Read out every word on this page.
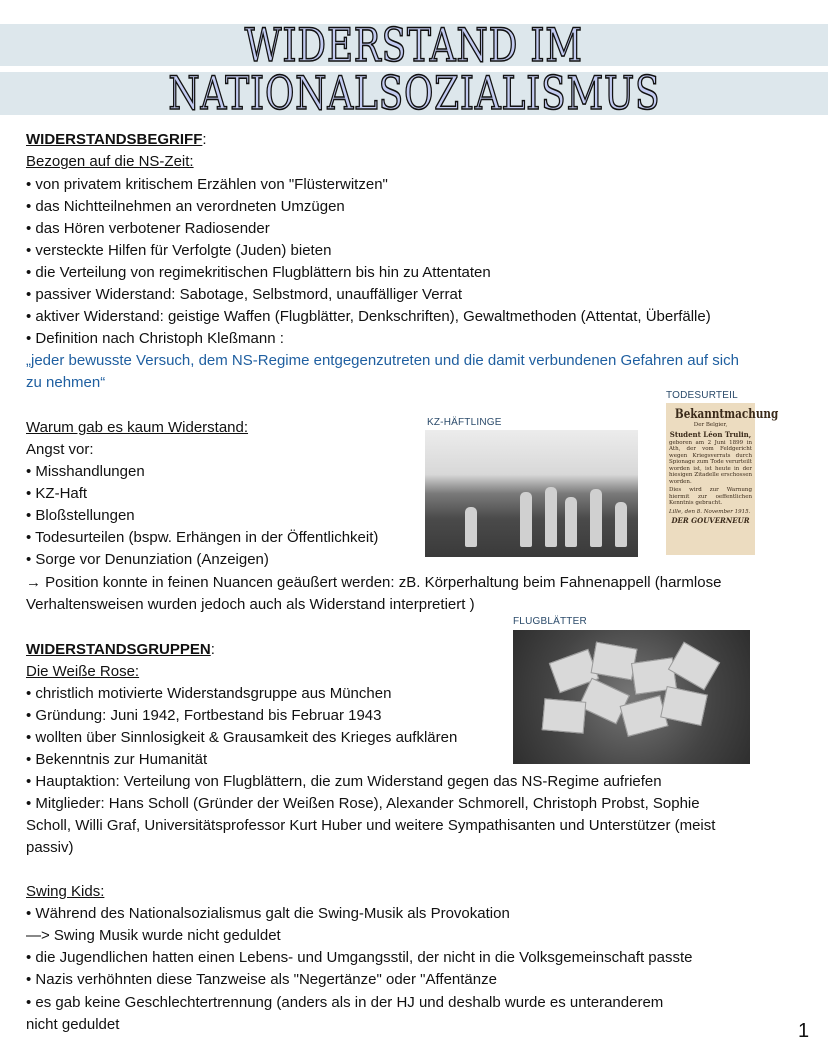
WIDERSTAND IM
NATIONALSOZIALISMUS
WIDERSTANDSBEGRIFF:
Bezogen auf die NS-Zeit:
• von privatem kritischem Erzählen von "Flüsterwitzen"
• das Nichtteilnehmen an verordneten Umzügen
• das Hören verbotener Radiosender
• versteckte Hilfen für Verfolgte (Juden) bieten
• die Verteilung von regimekritischen Flugblättern bis hin zu Attentaten
• passiver Widerstand: Sabotage, Selbstmord, unauffälliger Verrat
• aktiver Widerstand: geistige Waffen (Flugblätter, Denkschriften), Gewaltmethoden (Attentat, Überfälle)
• Definition nach Christoph Kleßmann :
„jeder bewusste Versuch, dem NS-Regime entgegenzutreten und die damit verbundenen Gefahren auf sich
zu nehmen“
Warum gab es kaum Widerstand:
Angst vor:
• Misshandlungen
• KZ-Haft
• Bloßstellungen
• Todesurteilen (bspw. Erhängen in der Öffentlichkeit)
• Sorge vor Denunziation (Anzeigen)
→ Position konnte in feinen Nuancen geäußert werden: zB. Körperhaltung beim Fahnenappell (harmlose
Verhaltensweisen wurden jedoch auch als Widerstand interpretiert )
KZ-HÄFTLINGE
TODESURTEIL
Bekanntmachung
Der Belgier,
Student Léon Trulin,
geboren am 2 Juni 1899 in Ath, der vom Feldgericht wegen Kriegsverrats durch Spionage zum Tode verurteilt worden ist, ist heute in der hiesigen Zitadelle erschossen worden.
Dies wird zur Warnung hiermit zur oeffentlichen Kenntnis gebracht.
Lille, den 8. November 1915.
DER GOUVERNEUR
FLUGBLÄTTER
WIDERSTANDSGRUPPEN:
Die Weiße Rose:
• christlich motivierte Widerstandsgruppe aus München
• Gründung: Juni 1942, Fortbestand bis Februar 1943
• wollten über Sinnlosigkeit & Grausamkeit des Krieges aufklären
• Bekenntnis zur Humanität
• Hauptaktion: Verteilung von Flugblättern, die zum Widerstand gegen das NS-Regime aufriefen
• Mitglieder: Hans Scholl (Gründer der Weißen Rose), Alexander Schmorell, Christoph Probst, Sophie
Scholl, Willi Graf, Universitätsprofessor Kurt Huber und weitere Sympathisanten und Unterstützer (meist
passiv)
Swing Kids:
• Während des Nationalsozialismus galt die Swing-Musik als Provokation
—> Swing Musik wurde nicht geduldet
• die Jugendlichen hatten einen Lebens- und Umgangsstil, der nicht in die Volksgemeinschaft passte
• Nazis verhöhnten diese Tanzweise als "Negertänze" oder "Affentänze
• es gab keine Geschlechtertrennung (anders als in der HJ und deshalb wurde es unteranderem
nicht geduldet	1
